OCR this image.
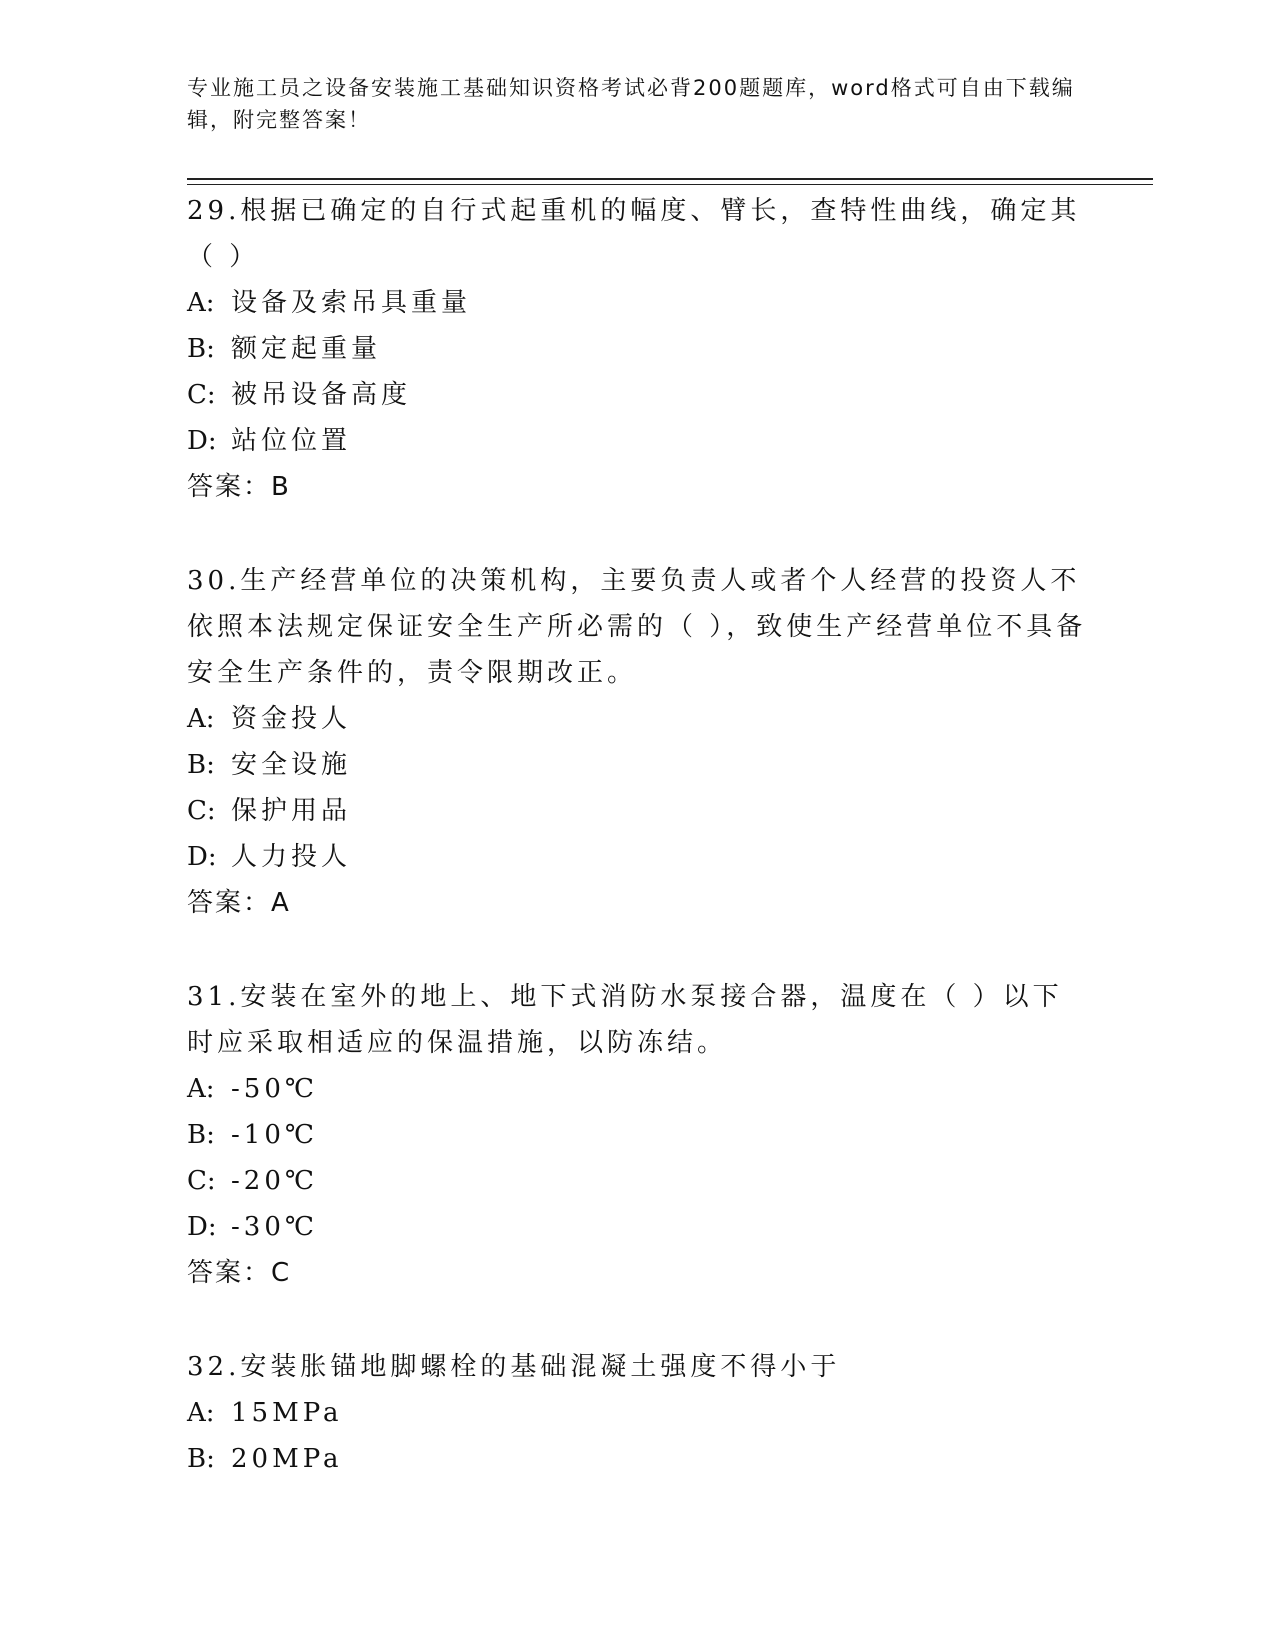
专业施工员之设备安装施工基础知识资格考试必背200题题库，word格式可自由下载编辑，附完整答案！

29.根据已确定的自行式起重机的幅度、臂长，查特性曲线，确定其（ ）

A: 设备及索吊具重量

B: 额定起重量

C: 被吊设备高度

D: 站位位置

答案：B

30.生产经营单位的决策机构，主要负责人或者个人经营的投资人不依照本法规定保证安全生产所必需的（ ），致使生产经营单位不具备安全生产条件的，责令限期改正。

A: 资金投人

B: 安全设施

C: 保护用品

D: 人力投人

答案：A

31.安装在室外的地上、地下式消防水泵接合器，温度在（ ）以下时应采取相适应的保温措施，以防冻结。

A: -50℃

B: -10℃

C: -20℃

D: -30℃

答案：C

32.安装胀锚地脚螺栓的基础混凝土强度不得小于

A: 15MPa

B: 20MPa
